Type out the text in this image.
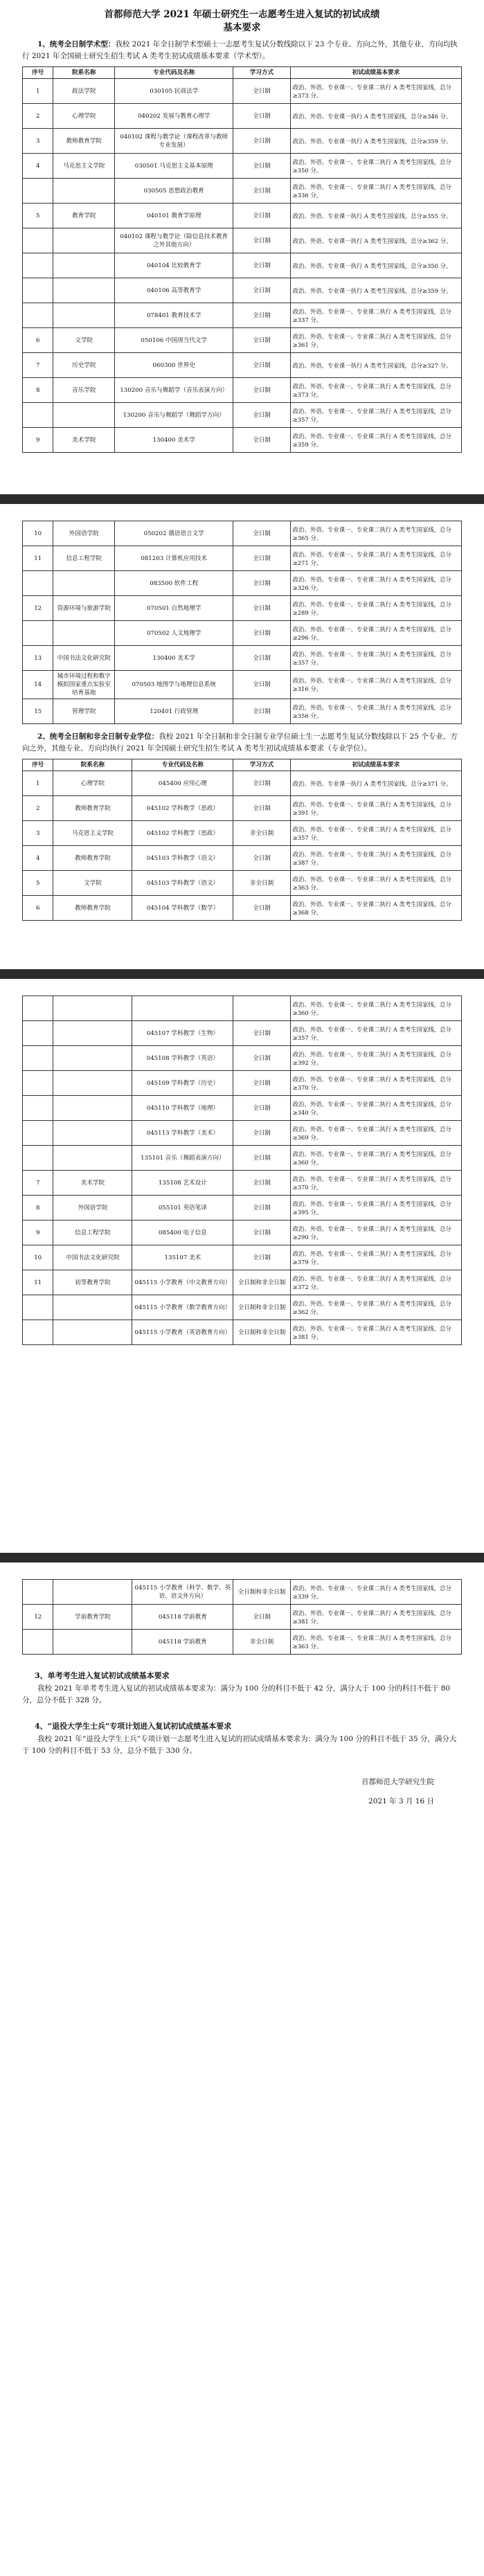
首都师范大学 2021 年硕士研究生一志愿考生进入复试的初试成绩
基本要求

1、统考全日制学术型：我校 2021 年全日制学术型硕士一志愿考生复试分数线除以下 23 个专业、方向之外，其他专业、方向均执行 2021 年全国硕士研究生招生考试 A 类考生初试成绩基本要求（学术型）。

序号	院系名称	专业代码及名称	学习方式	初试成绩基本要求
1	政法学院	030105 民商法学	全日制	政治、外语、专业课一、专业课二执行 A 类考生国家线，总分≥373 分。
2	心理学院	040202 发展与教育心理学	全日制	政治、外语、专业课一执行 A 类考生国家线，总分≥346 分。
3	教师教育学院	040102 课程与教学论（课程改革与教师专业发展）	全日制	政治、外语、专业课一执行 A 类考生国家线，总分≥359 分。
4	马克思主义学院	030501 马克思主义基本原理	全日制	政治、外语、专业课一、专业课二执行 A 类考生国家线，总分≥350 分。
		030505 思想政治教育	全日制	政治、外语、专业课一、专业课二执行 A 类考生国家线，总分≥336 分。
5	教育学院	040101 教育学原理	全日制	政治、外语、专业课一执行 A 类考生国家线，总分≥355 分。
		040102 课程与教学论（除信息技术教育之外其他方向）	全日制	政治、外语、专业课一执行 A 类考生国家线，总分≥362 分。
		040104 比较教育学	全日制	政治、外语、专业课一执行 A 类考生国家线，总分≥350 分。
		040106 高等教育学	全日制	政治、外语、专业课一执行 A 类考生国家线，总分≥359 分。
		078401 教育技术学	全日制	政治、外语、专业课一、专业课二执行 A 类考生国家线，总分≥337 分。
6	文学院	050106 中国现当代文学	全日制	政治、外语、专业课一、专业课二执行 A 类考生国家线，总分≥361 分。
7	历史学院	060300 世界史	全日制	政治、外语、专业课一执行 A 类考生国家线，总分≥327 分。
8	音乐学院	130200 音乐与舞蹈学（音乐表演方向）	全日制	政治、外语、专业课一、专业课二执行 A 类考生国家线，总分≥373 分。
		130200 音乐与舞蹈学（舞蹈学方向）	全日制	政治、外语、专业课一、专业课二执行 A 类考生国家线，总分≥357 分。
9	美术学院	130400 美术学	全日制	政治、外语、专业课一、专业课二执行 A 类考生国家线，总分≥359 分。
10	外国语学院	050202 俄语语言文学	全日制	政治、外语、专业课一、专业课二执行 A 类考生国家线，总分≥365 分。
11	信息工程学院	081203 计算机应用技术	全日制	政治、外语、专业课一、专业课二执行 A 类考生国家线，总分≥271 分。
		083500 软件工程	全日制	政治、外语、专业课一、专业课二执行 A 类考生国家线，总分≥326 分。
12	资源环境与旅游学院	070501 自然地理学	全日制	政治、外语、专业课一、专业课二执行 A 类考生国家线，总分≥289 分。
		070502 人文地理学	全日制	政治、外语、专业课一、专业课二执行 A 类考生国家线，总分≥296 分。
13	中国书法文化研究院	130400 美术学	全日制	政治、外语、专业课一、专业课二执行 A 类考生国家线，总分≥357 分。
14	城市环境过程和数字模拟国家重点实验室培育基地	070503 地图学与地理信息系统	全日制	政治、外语、专业课一、专业课二执行 A 类考生国家线，总分≥316 分。
15	管理学院	120401 行政管理	全日制	政治、外语、专业课一、专业课二执行 A 类考生国家线，总分≥356 分。

2、统考全日制和非全日制专业学位：我校 2021 年全日制和非全日制专业学位硕士生一志愿考生复试分数线除以下 25 个专业、方向之外，其他专业、方向均执行 2021 年全国硕士研究生招生考试 A 类考生初试成绩基本要求（专业学位）。

序号	院系名称	专业代码及名称	学习方式	初试成绩基本要求
1	心理学院	045400 应用心理	全日制	政治、外语、专业课一执行 A 类考生国家线，总分≥371 分。
2	教师教育学院	045102 学科教学（思政）	全日制	政治、外语、专业课一、专业课二执行 A 类考生国家线，总分≥391 分。
3	马克思主义学院	045102 学科教学（思政）	非全日制	政治、外语、专业课一、专业课二执行 A 类考生国家线，总分≥357 分。
4	教师教育学院	045103 学科教学（语文）	全日制	政治、外语、专业课一、专业课二执行 A 类考生国家线，总分≥387 分。
5	文学院	045103 学科教学（语文）	非全日制	政治、外语、专业课一、专业课二执行 A 类考生国家线，总分≥363 分。
6	教师教育学院	045104 学科教学（数学）	全日制	政治、外语、专业课一、专业课二执行 A 类考生国家线，总分≥368 分。
				政治、外语、专业课一、专业课二执行 A 类考生国家线，总分≥360 分。
		045107 学科教学（生物）	全日制	政治、外语、专业课一、专业课二执行 A 类考生国家线，总分≥357 分。
		045108 学科教学（英语）	全日制	政治、外语、专业课一、专业课二执行 A 类考生国家线，总分≥392 分。
		045109 学科教学（历史）	全日制	政治、外语、专业课一、专业课二执行 A 类考生国家线，总分≥370 分。
		045110 学科教学（地理）	全日制	政治、外语、专业课一、专业课二执行 A 类考生国家线，总分≥340 分。
		045113 学科教学（美术）	全日制	政治、外语、专业课一、专业课二执行 A 类考生国家线，总分≥369 分。
		135101 音乐（舞蹈表演方向）	全日制	政治、外语、专业课一、专业课二执行 A 类考生国家线，总分≥360 分。
7	美术学院	135108 艺术设计	全日制	政治、外语、专业课一、专业课二执行 A 类考生国家线，总分≥370 分。
8	外国语学院	055101 英语笔译	全日制	政治、外语、专业课一、专业课二执行 A 类考生国家线，总分≥395 分。
9	信息工程学院	085400 电子信息	全日制	政治、外语、专业课一、专业课二执行 A 类考生国家线，总分≥290 分。
10	中国书法文化研究院	135107 美术	全日制	政治、外语、专业课一、专业课二执行 A 类考生国家线，总分≥379 分。
11	初等教育学院	045115 小学教育（中文教育方向）	全日制和非全日制	政治、外语、专业课一、专业课二执行 A 类考生国家线，总分≥372 分。
		045115 小学教育（数学教育方向）	全日制和非全日制	政治、外语、专业课一、专业课二执行 A 类考生国家线，总分≥362 分。
		045115 小学教育（英语教育方向）	全日制和非全日制	政治、外语、专业课一、专业课二执行 A 类考生国家线，总分≥381 分。
		045115 小学教育（科学、数学、英语、语文外方向）	全日制和非全日制	政治、外语、专业课一、专业课二执行 A 类考生国家线，总分≥339 分。
12	学前教育学院	045118 学前教育	全日制	政治、外语、专业课一、专业课二执行 A 类考生国家线，总分≥381 分。
		045118 学前教育	非全日制	政治、外语、专业课一、专业课二执行 A 类考生国家线，总分≥363 分。

3、单考考生进入复试初试成绩基本要求

我校 2021 年单考考生进入复试的初试成绩基本要求为：满分为 100 分的科目不低于 42 分，满分大于 100 分的科目不低于 80 分，总分不低于 328 分。

4、“退役大学生士兵”专项计划进入复试初试成绩基本要求

我校 2021 年“退役大学生士兵”专项计划一志愿考生进入复试的初试成绩基本要求为：满分为 100 分的科目不低于 35 分，满分大于 100 分的科目不低于 53 分，总分不低于 330 分。

首都师范大学研究生院

2021 年 3 月 16 日
